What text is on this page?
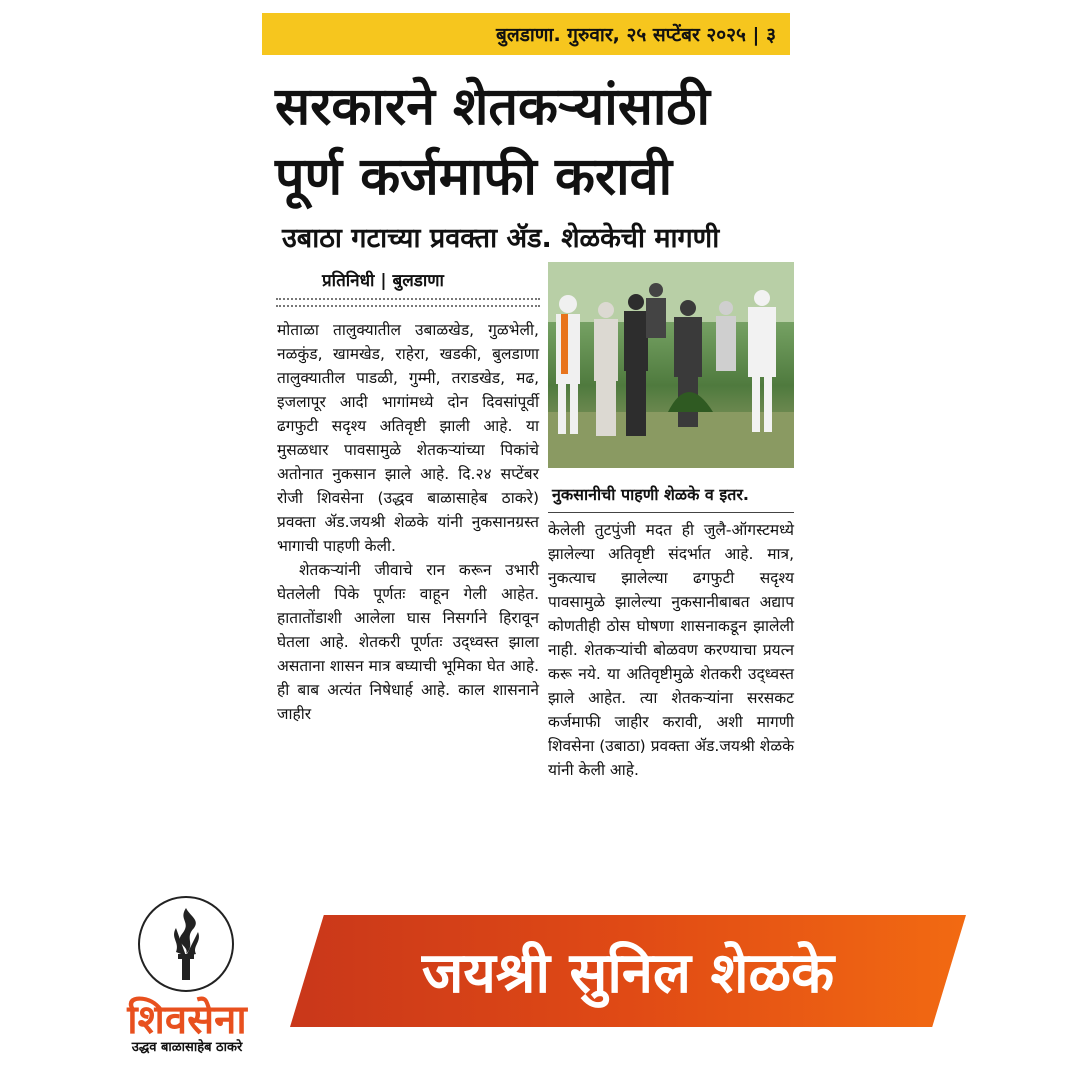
बुलडाणा. गुरुवार, २५ सप्टेंबर २०२५ | ३
सरकारने शेतकऱ्यांसाठी
पूर्ण कर्जमाफी करावी
उबाठा गटाच्या प्रवक्ता ॲड. शेळकेची मागणी
प्रतिनिधी | बुलडाणा

मोताळा तालुक्यातील उबाळखेड, गुळभेली, नळकुंड, खामखेड, राहेरा, खडकी, बुलडाणा तालुक्यातील पाडळी, गुम्मी, तराडखेड, मढ, इजलापूर आदी भागांमध्ये दोन दिवसांपूर्वी ढगफुटी सदृश्य अतिवृष्टी झाली आहे. या मुसळधार पावसामुळे शेतकऱ्यांच्या पिकांचे अतोनात नुकसान झाले आहे. दि.२४ सप्टेंबर रोजी शिवसेना (उद्धव बाळासाहेब ठाकरे) प्रवक्ता ॲड.जयश्री शेळके यांनी नुकसानग्रस्त भागाची पाहणी केली.

शेतकऱ्यांनी जीवाचे रान करून उभारी घेतलेली पिके पूर्णतः वाहून गेली आहेत. हातातोंडाशी आलेला घास निसर्गाने हिरावून घेतला आहे. शेतकरी पूर्णतः उद्ध्वस्त झाला असताना शासन मात्र बघ्याची भूमिका घेत आहे. ही बाब अत्यंत निषेधार्ह आहे. काल शासनाने जाहीर

नुकसानीची पाहणी शेळके व इतर.

केलेली तुटपुंजी मदत ही जुलै-ऑगस्टमध्ये झालेल्या अतिवृष्टी संदर्भात आहे. मात्र, नुकत्याच झालेल्या ढगफुटी सदृश्य पावसामुळे झालेल्या नुकसानीबाबत अद्याप कोणतीही ठोस घोषणा शासनाकडून झालेली नाही. शेतकऱ्यांची बोळवण करण्याचा प्रयत्न करू नये. या अतिवृष्टीमुळे शेतकरी उद्ध्वस्त झाले आहेत. त्या शेतकऱ्यांना सरसकट कर्जमाफी जाहीर करावी, अशी मागणी शिवसेना (उबाठा) प्रवक्ता ॲड.जयश्री शेळके यांनी केली आहे.

शिवसेना
उद्धव बाळासाहेब ठाकरे
जयश्री सुनिल शेळके
